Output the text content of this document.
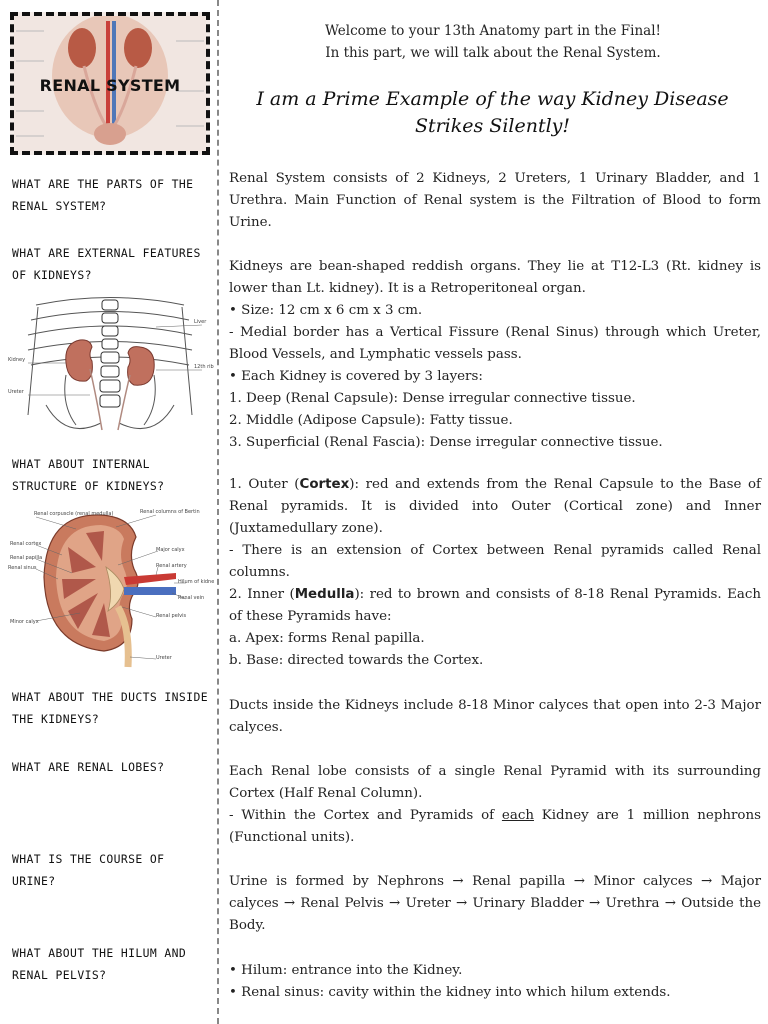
RENAL SYSTEM
Welcome to your 13th Anatomy part in the Final!
In this part, we will talk about the Renal System.
I am a Prime Example of the way Kidney Disease Strikes Silently!
WHAT ARE THE PARTS OF THE RENAL SYSTEM?
WHAT ARE EXTERNAL FEATURES OF KIDNEYS?
WHAT ABOUT INTERNAL STRUCTURE OF KIDNEYS?
WHAT ABOUT THE DUCTS INSIDE THE KIDNEYS?
WHAT ARE RENAL LOBES?
WHAT IS THE COURSE OF URINE?
WHAT ABOUT THE HILUM AND RENAL PELVIS?
Liver
Kidney
12th rib
Ureter
Renal corpuscle (renal medulla)	Renal columns of Bertin
Renal cortex
Major calyx
Renal papilla
Renal artery
Renal sinus
Hilum of kidney
Renal vein
Minor calyx
Renal pelvis
Ureter

Renal System consists of 2 Kidneys, 2 Ureters, 1 Urinary Bladder, and 1 Urethra. Main Function of Renal system is the Filtration of Blood to form Urine.

Kidneys are bean-shaped reddish organs. They lie at T12-L3 (Rt. kidney is lower than Lt. kidney). It is a Retroperitoneal organ.

• Size: 12 cm x 6 cm x 3 cm.

- Medial border has a Vertical Fissure (Renal Sinus) through which Ureter, Blood Vessels, and Lymphatic vessels pass.

• Each Kidney is covered by 3 layers:

1. Deep (Renal Capsule): Dense irregular connective tissue.

2. Middle (Adipose Capsule): Fatty tissue.

3. Superficial (Renal Fascia): Dense irregular connective tissue.

1. Outer (Cortex): red and extends from the Renal Capsule to the Base of Renal pyramids. It is divided into Outer (Cortical zone) and Inner (Juxtamedullary zone).

- There is an extension of Cortex between Renal pyramids called Renal columns.

2. Inner (Medulla): red to brown and consists of 8-18 Renal Pyramids. Each of these Pyramids have:

a. Apex: forms Renal papilla.

b. Base: directed towards the Cortex.

Ducts inside the Kidneys include 8-18 Minor calyces that open into 2-3 Major calyces.

Each Renal lobe consists of a single Renal Pyramid with its surrounding Cortex (Half Renal Column).

- Within the Cortex and Pyramids of each Kidney are 1 million nephrons (Functional units).

Urine is formed by Nephrons → Renal papilla → Minor calyces → Major calyces → Renal Pelvis → Ureter → Urinary Bladder → Urethra → Outside the Body.

• Hilum: entrance into the Kidney.

• Renal sinus: cavity within the kidney into which hilum extends.
